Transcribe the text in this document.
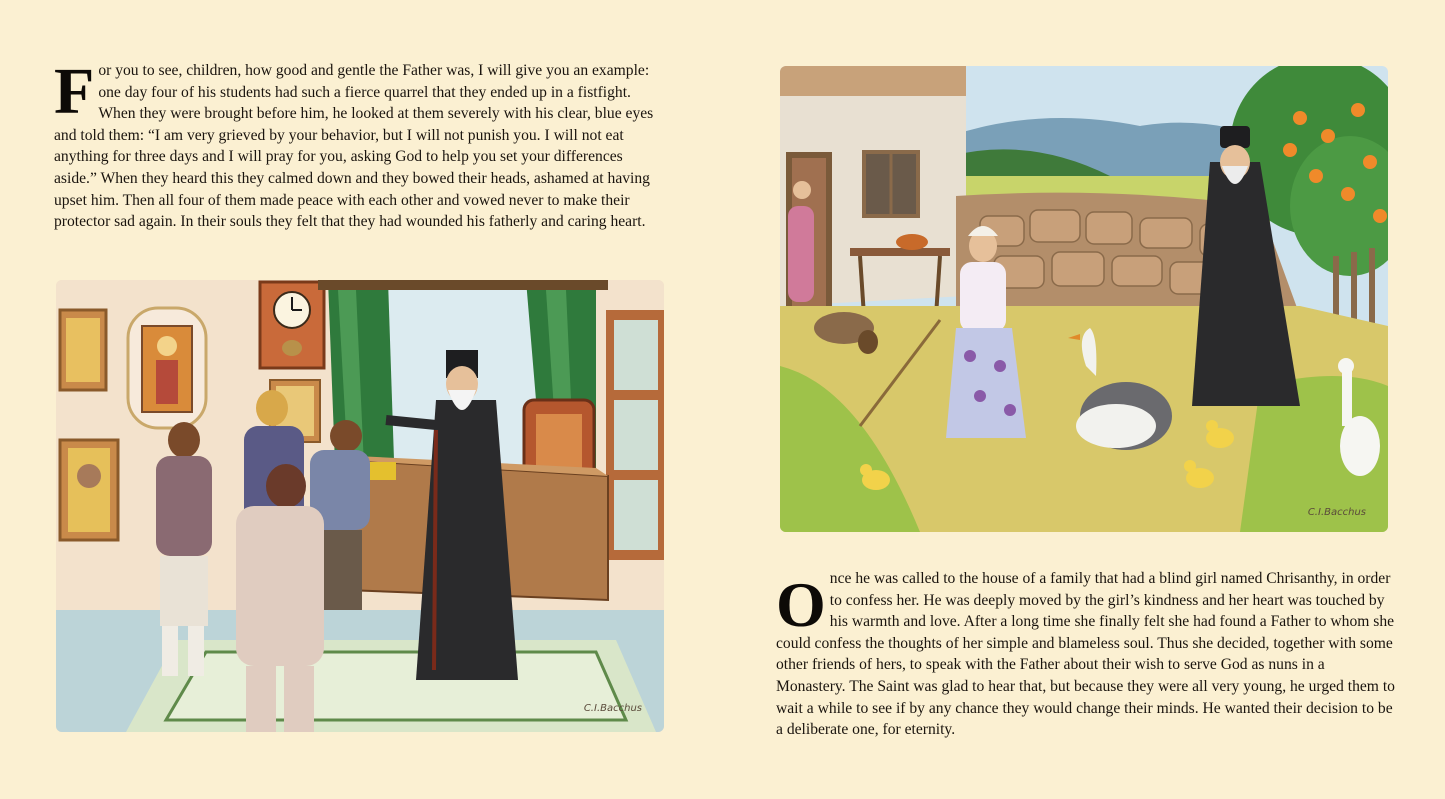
For you to see, children, how good and gentle the Father was, I will give you an example: one day four of his students had such a fierce quarrel that they ended up in a fistfight. When they were brought before him, he looked at them severely with his clear, blue eyes and told them: “I am very grieved by your behavior, but I will not punish you. I will not eat anything for three days and I will pray for you, asking God to help you set your differences aside.” When they heard this they calmed down and they bowed their heads, ashamed at having upset him. Then all four of them made peace with each other and vowed never to make their protector sad again. In their souls they felt that they had wounded his fatherly and caring heart.
C.I.Bacchus
C.I.Bacchus
Once he was called to the house of a family that had a blind girl named Chrisanthy, in order to confess her. He was deeply moved by the girl’s kindness and her heart was touched by his warmth and love. After a long time she finally felt she had found a Father to whom she could confess the thoughts of her simple and blameless soul. Thus she decided, together with some other friends of hers, to speak with the Father about their wish to serve God as nuns in a Monastery. The Saint was glad to hear that, but because they were all very young, he urged them to wait a while to see if by any chance they would change their minds. He wanted their decision to be a deliberate one, for eternity.
